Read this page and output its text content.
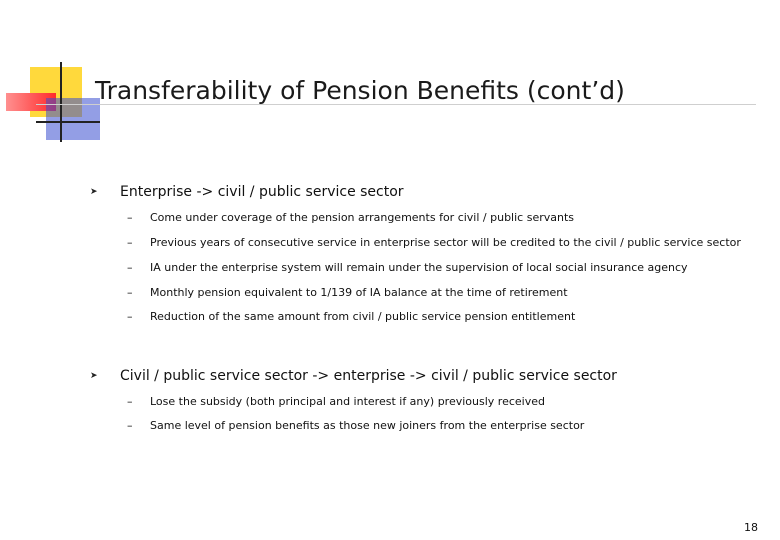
Transferability of Pension Benefits (cont’d)
➤ Enterprise -> civil / public service sector
– Come under coverage of the pension arrangements for civil / public servants
– Previous years of consecutive service in enterprise sector will be credited to the civil / public service sector
– IA under the enterprise system will remain under the supervision of local social insurance agency
– Monthly pension equivalent to 1/139 of IA balance at the time of retirement
– Reduction of the same amount from civil / public service pension entitlement
➤ Civil / public service sector -> enterprise -> civil / public service sector
– Lose the subsidy (both principal and interest if any) previously received
– Same level of pension benefits as those new joiners from the enterprise sector
18
